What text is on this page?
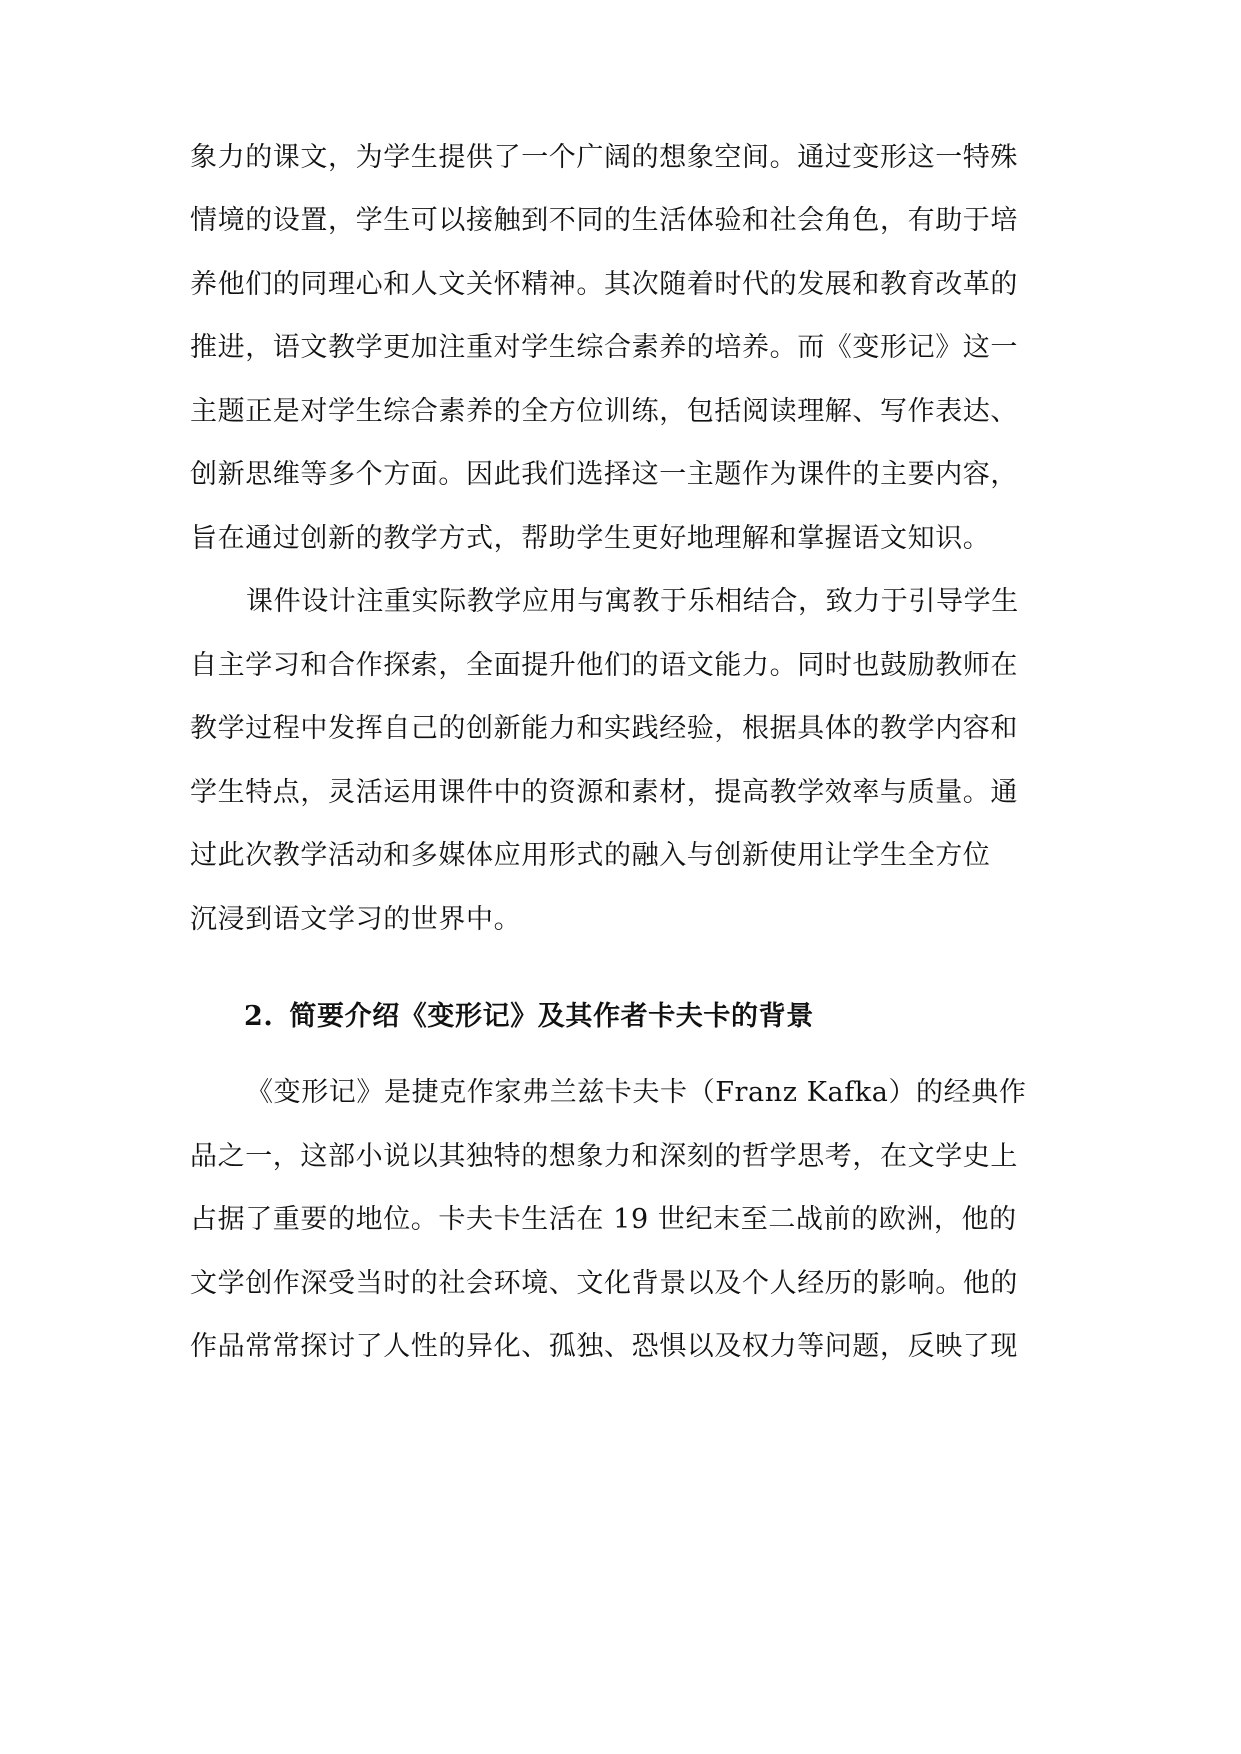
象力的课文，为学生提供了一个广阔的想象空间。通过变形这一特殊
情境的设置，学生可以接触到不同的生活体验和社会角色，有助于培
养他们的同理心和人文关怀精神。其次随着时代的发展和教育改革的
推进，语文教学更加注重对学生综合素养的培养。而《变形记》这一
主题正是对学生综合素养的全方位训练，包括阅读理解、写作表达、
创新思维等多个方面。因此我们选择这一主题作为课件的主要内容，
旨在通过创新的教学方式，帮助学生更好地理解和掌握语文知识。
课件设计注重实际教学应用与寓教于乐相结合，致力于引导学生
自主学习和合作探索，全面提升他们的语文能力。同时也鼓励教师在
教学过程中发挥自己的创新能力和实践经验，根据具体的教学内容和
学生特点，灵活运用课件中的资源和素材，提高教学效率与质量。通
过此次教学活动和多媒体应用形式的融入与创新使用让学生全方位
沉浸到语文学习的世界中。
2. 简要介绍《变形记》及其作者卡夫卡的背景
《变形记》是捷克作家弗兰兹卡夫卡（Franz Kafka）的经典作
品之一，这部小说以其独特的想象力和深刻的哲学思考，在文学史上
占据了重要的地位。卡夫卡生活在 19 世纪末至二战前的欧洲，他的
文学创作深受当时的社会环境、文化背景以及个人经历的影响。他的
作品常常探讨了人性的异化、孤独、恐惧以及权力等问题，反映了现
